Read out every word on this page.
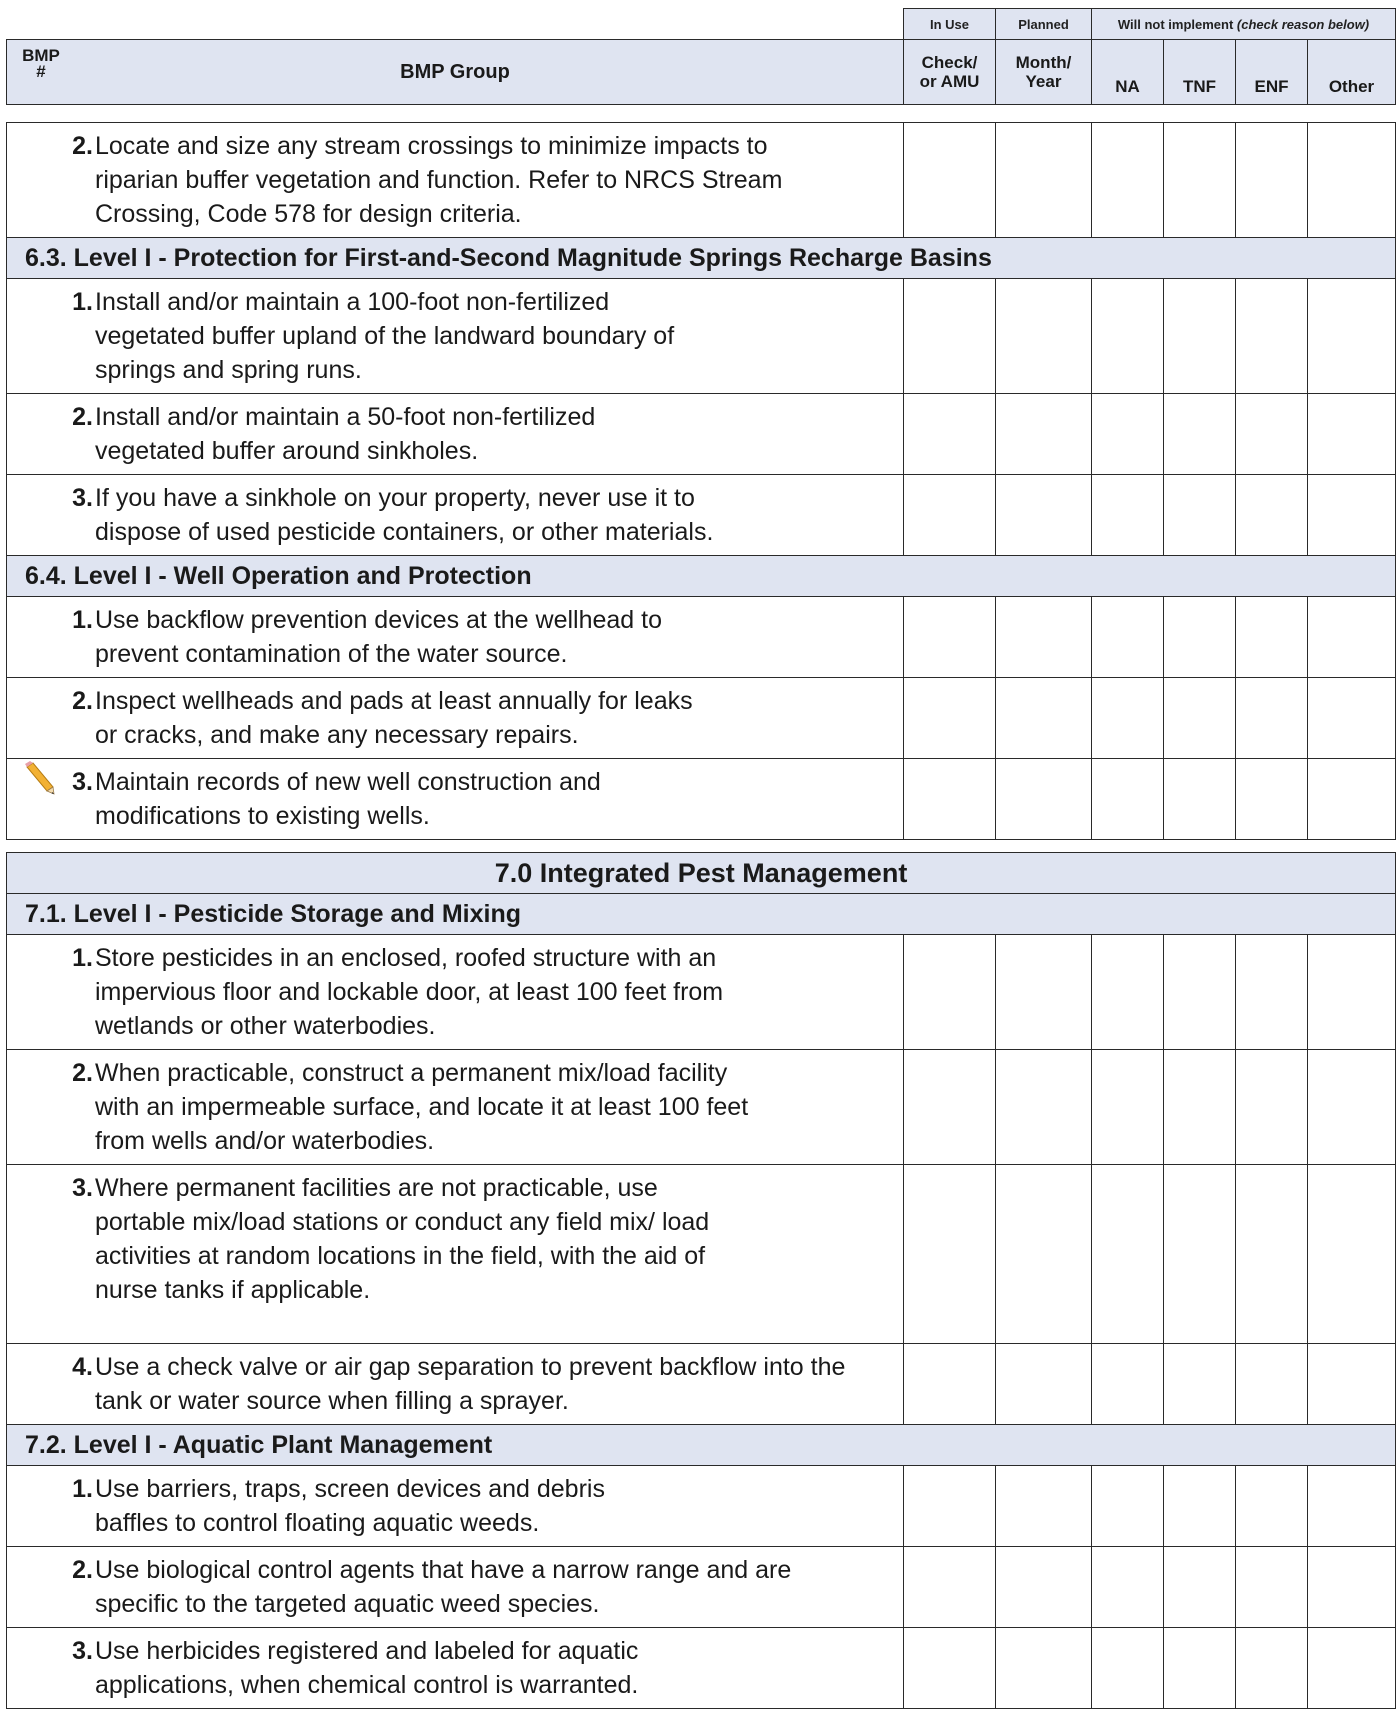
	In Use	Planned	Will not implement (check reason below)			

BMP # BMP Group	Check/ or AMU	Month/ Year	NA	TNF	ENF	Other
2. Locate and size any stream crossings to minimize impacts to riparian buffer vegetation and function. Refer to NRCS Stream Crossing, Code 578 for design criteria.						

6.3. Level I - Protection for First-and-Second Magnitude Springs Recharge Basins						

1. Install and/or maintain a 100-foot non-fertilized vegetated buffer upland of the landward boundary of springs and spring runs.						

2. Install and/or maintain a 50-foot non-fertilized vegetated buffer around sinkholes.						

3. If you have a sinkhole on your property, never use it to dispose of used pesticide containers, or other materials.						

6.4. Level I - Well Operation and Protection						

1. Use backflow prevention devices at the wellhead to prevent contamination of the water source.						

2. Inspect wellheads and pads at least annually for leaks or cracks, and make any necessary repairs.						

3. Maintain records of new well construction and modifications to existing wells.						

7.0 Integrated Pest Management						
7.1. Level I - Pesticide Storage and Mixing						

1. Store pesticides in an enclosed, roofed structure with an impervious floor and lockable door, at least 100 feet from wetlands or other waterbodies.						

2. When practicable, construct a permanent mix/load facility with an impermeable surface, and locate it at least 100 feet from wells and/or waterbodies.						

3. Where permanent facilities are not practicable, use portable mix/load stations or conduct any field mix/ load activities at random locations in the field, with the aid of nurse tanks if applicable.						

4. Use a check valve or air gap separation to prevent backflow into the tank or water source when filling a sprayer.						

7.2. Level I - Aquatic Plant Management						

1. Use barriers, traps, screen devices and debris baffles to control floating aquatic weeds.						

2. Use biological control agents that have a narrow range and are specific to the targeted aquatic weed species.						

3. Use herbicides registered and labeled for aquatic applications, when chemical control is warranted.						
